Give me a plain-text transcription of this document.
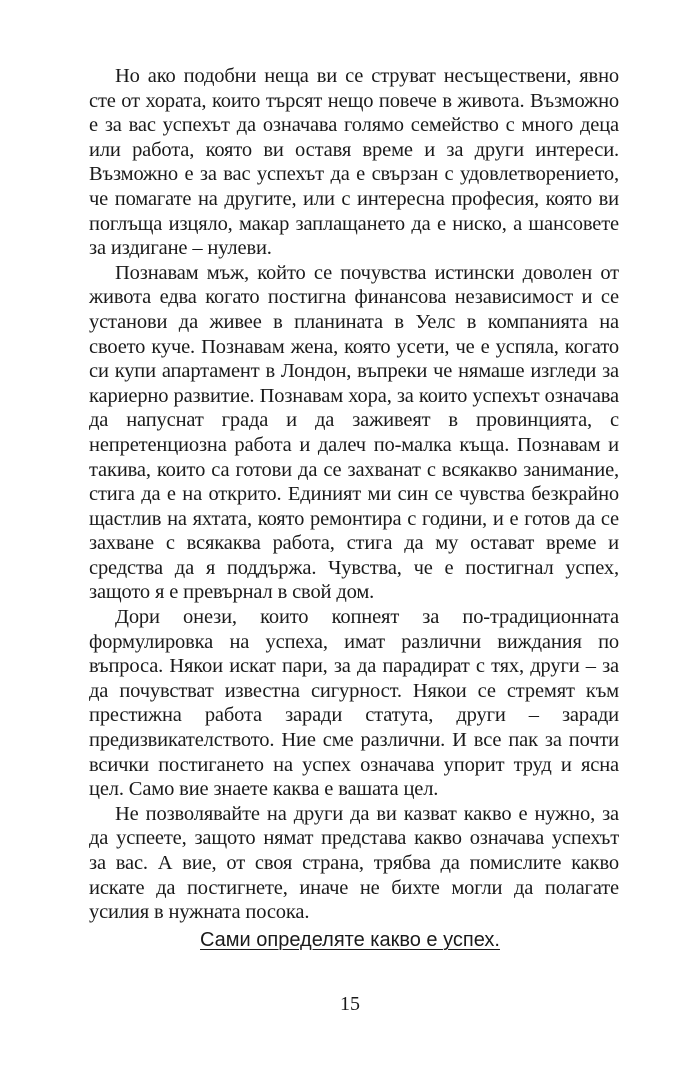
Но ако подобни неща ви се струват несъществени, явно сте от хората, които търсят нещо повече в живота. Възможно е за вас успехът да означава голямо семейство с много деца или работа, която ви оставя време и за други интереси. Възможно е за вас успехът да е свързан с удовлетворението, че помагате на другите, или с интересна професия, която ви поглъща изцяло, макар заплащането да е ниско, а шансовете за издигане – нулеви.

Познавам мъж, който се почувства истински доволен от живота едва когато постигна финансова независимост и се установи да живее в планината в Уелс в компанията на своето куче. Познавам жена, която усети, че е успяла, когато си купи апартамент в Лондон, въпреки че нямаше изгледи за кариерно развитие. Познавам хора, за които успехът означава да напуснат града и да заживеят в провинцията, с непретенциозна работа и далеч по-малка къща. Познавам и такива, които са готови да се захванат с всякакво занимание, стига да е на открито. Единият ми син се чувства безкрайно щастлив на яхтата, която ремонтира с години, и е готов да се захване с всякаква работа, стига да му остават време и средства да я поддържа. Чувства, че е постигнал успех, защото я е превърнал в свой дом.

Дори онези, които копнеят за по-традиционната формулировка на успеха, имат различни виждания по въпроса. Някои искат пари, за да парадират с тях, други – за да почувстват известна сигурност. Някои се стремят към престижна работа заради статута, други – заради предизвикателството. Ние сме различни. И все пак за почти всички постигането на успех означава упорит труд и ясна цел. Само вие знаете каква е вашата цел.

Не позволявайте на други да ви казват какво е нужно, за да успеете, защото нямат представа какво означава успехът за вас. А вие, от своя страна, трябва да помислите какво искате да постигнете, иначе не бихте могли да полагате усилия в нужната посока.

Сами определяте какво е успех.

15
